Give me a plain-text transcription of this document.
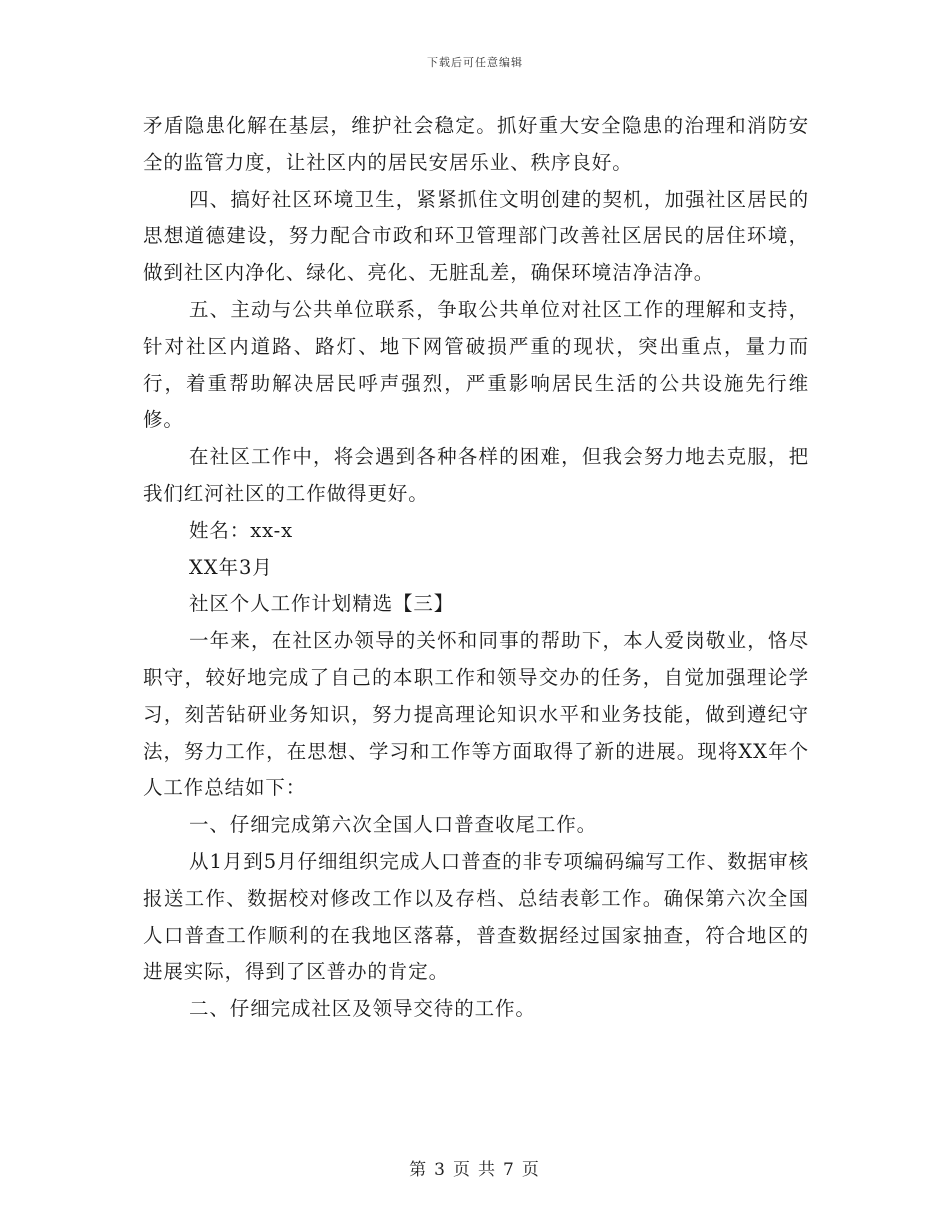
下载后可任意编辑

矛盾隐患化解在基层，维护社会稳定。抓好重大安全隐患的治理和消防安全的监管力度，让社区内的居民安居乐业、秩序良好。

四、搞好社区环境卫生，紧紧抓住文明创建的契机，加强社区居民的思想道德建设，努力配合市政和环卫管理部门改善社区居民的居住环境，做到社区内净化、绿化、亮化、无脏乱差，确保环境洁净洁净。

五、主动与公共单位联系，争取公共单位对社区工作的理解和支持，针对社区内道路、路灯、地下网管破损严重的现状，突出重点，量力而行，着重帮助解决居民呼声强烈，严重影响居民生活的公共设施先行维修。

在社区工作中，将会遇到各种各样的困难，但我会努力地去克服，把我们红河社区的工作做得更好。

姓名：xx-x

XX年3月

社区个人工作计划精选【三】

一年来，在社区办领导的关怀和同事的帮助下，本人爱岗敬业，恪尽职守，较好地完成了自己的本职工作和领导交办的任务，自觉加强理论学习，刻苦钻研业务知识，努力提高理论知识水平和业务技能，做到遵纪守法，努力工作，在思想、学习和工作等方面取得了新的进展。现将XX年个人工作总结如下：

一、仔细完成第六次全国人口普查收尾工作。

从1月到5月仔细组织完成人口普查的非专项编码编写工作、数据审核报送工作、数据校对修改工作以及存档、总结表彰工作。确保第六次全国人口普查工作顺利的在我地区落幕，普查数据经过国家抽查，符合地区的进展实际，得到了区普办的肯定。

二、仔细完成社区及领导交待的工作。

第 3 页 共 7 页
